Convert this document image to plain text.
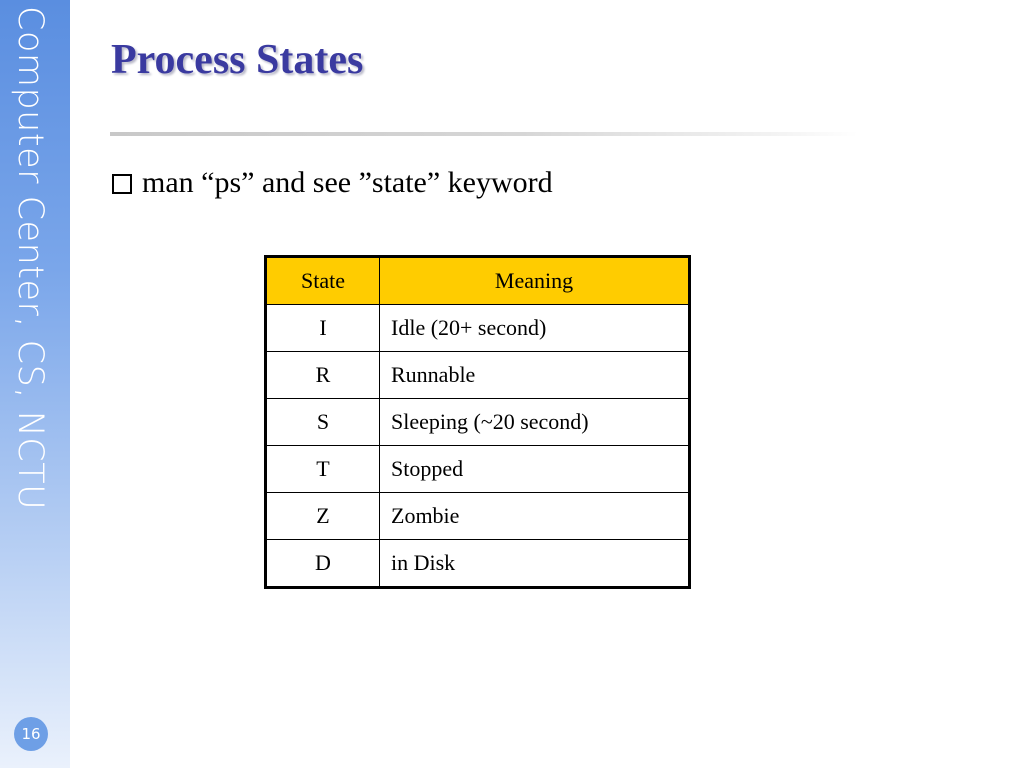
Computer Center, CS, NCTU
16
Process States
man “ps” and see ”state” keyword
State	Meaning
I	Idle (20+ second)
R	Runnable
S	Sleeping (~20 second)
T	Stopped
Z	Zombie
D	in Disk
